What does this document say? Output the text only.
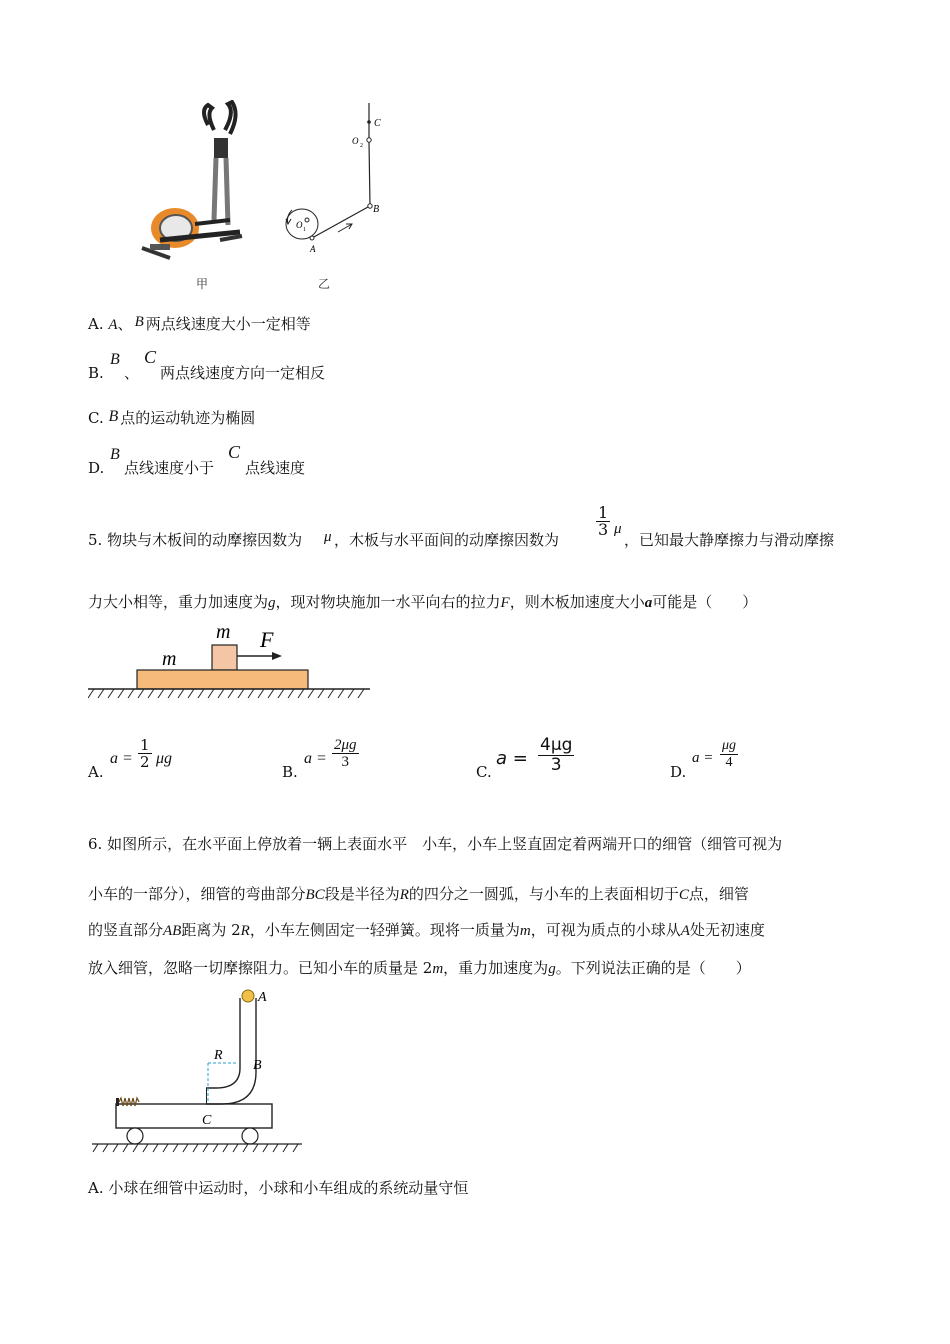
甲
C
O 2
B
O 1
A
乙
A. A、 B 两点线速度大小一定相等
B.
B
、
C
两点线速度方向一定相反
C. B 点的运动轨迹为椭圆
D.
B
点线速度小于
C
点线速度
5. 物块与木板间的动摩擦因数为 μ ，木板与水平面间的动摩擦因数为
$\frac{1}{3}$ μ
，已知最大静摩擦力与滑动摩擦
力大小相等，重力加速度为g，现对物块施加一水平向右的拉力F，则木板加速度大小a可能是（　　）
m
m
F
A.
$a = \frac{1}{2}$ μg
B.
$a = \frac{2\mu g}{3}$
C.
$a = \frac{4\mu g}{3}$	D.
$a = \frac{\mu g}{4}$
6. 如图所示，在水平面上停放着一辆上表面水平　小车，小车上竖直固定着两端开口的细管（细管可视为
小车的一部分），细管的弯曲部分BC段是半径为R的四分之一圆弧，与小车的上表面相切于C点，细管
的竖直部分AB距离为 2R，小车左侧固定一轻弹簧。现将一质量为m，可视为质点的小球从A处无初速度
放入细管，忽略一切摩擦阻力。已知小车的质量是 2m，重力加速度为g。下列说法正确的是（　　）
A
R
B
C
A. 小球在细管中运动时，小球和小车组成的系统动量守恒
